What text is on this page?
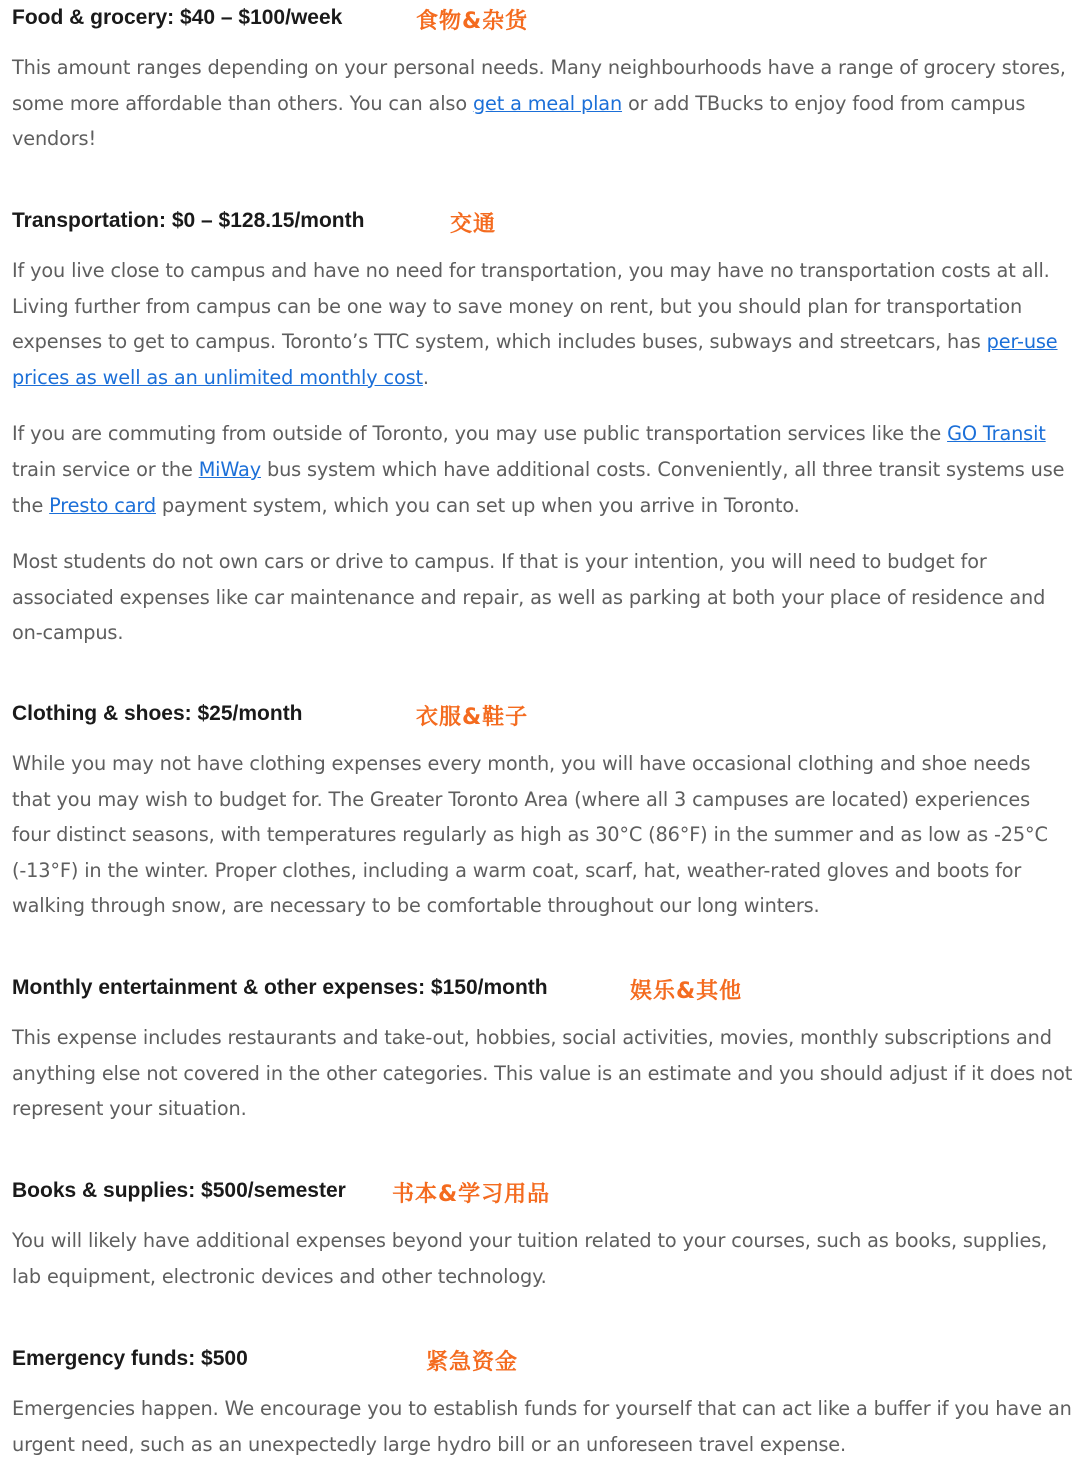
Food & grocery: $40 – $100/week	食物&杂货

This amount ranges depending on your personal needs. Many neighbourhoods have a range of grocery stores, some more affordable than others. You can also get a meal plan or add TBucks to enjoy food from campus vendors!

Transportation: $0 – $128.15/month	交通

If you live close to campus and have no need for transportation, you may have no transportation costs at all. Living further from campus can be one way to save money on rent, but you should plan for transportation expenses to get to campus. Toronto’s TTC system, which includes buses, subways and streetcars, has per-use prices as well as an unlimited monthly cost.

If you are commuting from outside of Toronto, you may use public transportation services like the GO Transit train service or the MiWay bus system which have additional costs. Conveniently, all three transit systems use the Presto card payment system, which you can set up when you arrive in Toronto.

Most students do not own cars or drive to campus. If that is your intention, you will need to budget for associated expenses like car maintenance and repair, as well as parking at both your place of residence and on-campus.

Clothing & shoes: $25/month	衣服&鞋子

While you may not have clothing expenses every month, you will have occasional clothing and shoe needs that you may wish to budget for. The Greater Toronto Area (where all 3 campuses are located) experiences four distinct seasons, with temperatures regularly as high as 30°C (86°F) in the summer and as low as -25°C (-13°F) in the winter. Proper clothes, including a warm coat, scarf, hat, weather-rated gloves and boots for walking through snow, are necessary to be comfortable throughout our long winters.

Monthly entertainment & other expenses: $150/month	娱乐&其他

This expense includes restaurants and take-out, hobbies, social activities, movies, monthly subscriptions and anything else not covered in the other categories. This value is an estimate and you should adjust if it does not represent your situation.

Books & supplies: $500/semester 书本&学习用品

You will likely have additional expenses beyond your tuition related to your courses, such as books, supplies, lab equipment, electronic devices and other technology.

Emergency funds: $500	紧急资金

Emergencies happen. We encourage you to establish funds for yourself that can act like a buffer if you have an urgent need, such as an unexpectedly large hydro bill or an unforeseen travel expense.
